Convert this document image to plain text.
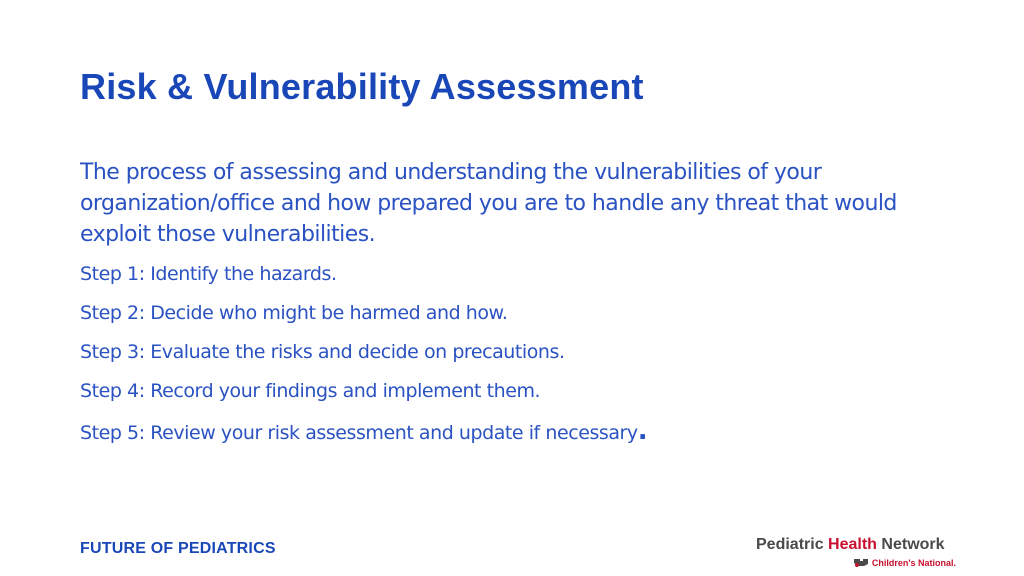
Risk & Vulnerability Assessment

The process of assessing and understanding the vulnerabilities of your organization/office and how prepared you are to handle any threat that would exploit those vulnerabilities.

Step 1: Identify the hazards.
Step 2: Decide who might be harmed and how.
Step 3: Evaluate the risks and decide on precautions.
Step 4: Record your findings and implement them.
Step 5: Review your risk assessment and update if necessary.
FUTURE OF PEDIATRICS	Pediatric Health Network
Children's National.
